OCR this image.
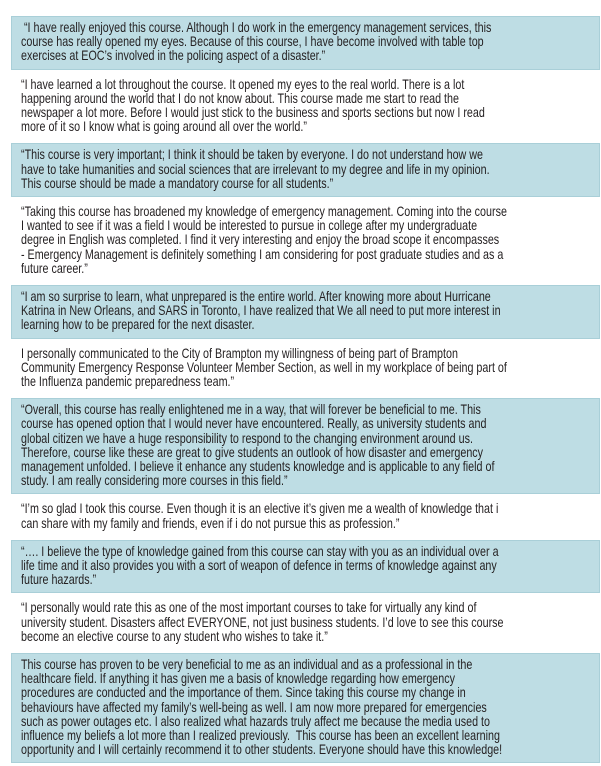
“I have really enjoyed this course. Although I do work in the emergency management services, this
course has really opened my eyes. Because of this course, I have become involved with table top
exercises at EOC’s involved in the policing aspect of a disaster.”
“I have learned a lot throughout the course. It opened my eyes to the real world. There is a lot
happening around the world that I do not know about. This course made me start to read the
newspaper a lot more. Before I would just stick to the business and sports sections but now I read
more of it so I know what is going around all over the world.”
“This course is very important; I think it should be taken by everyone. I do not understand how we
have to take humanities and social sciences that are irrelevant to my degree and life in my opinion.
This course should be made a mandatory course for all students.”
“Taking this course has broadened my knowledge of emergency management. Coming into the course
I wanted to see if it was a field I would be interested to pursue in college after my undergraduate
degree in English was completed. I find it very interesting and enjoy the broad scope it encompasses
- Emergency Management is definitely something I am considering for post graduate studies and as a
future career.”
“I am so surprise to learn, what unprepared is the entire world. After knowing more about Hurricane
Katrina in New Orleans, and SARS in Toronto, I have realized that We all need to put more interest in
learning how to be prepared for the next disaster.
I personally communicated to the City of Brampton my willingness of being part of Brampton
Community Emergency Response Volunteer Member Section, as well in my workplace of being part of
the Influenza pandemic preparedness team.”
“Overall, this course has really enlightened me in a way, that will forever be beneficial to me. This
course has opened option that I would never have encountered. Really, as university students and
global citizen we have a huge responsibility to respond to the changing environment around us.
Therefore, course like these are great to give students an outlook of how disaster and emergency
management unfolded. I believe it enhance any students knowledge and is applicable to any field of
study. I am really considering more courses in this field.”
“I’m so glad I took this course. Even though it is an elective it’s given me a wealth of knowledge that i
can share with my family and friends, even if i do not pursue this as profession.”
“…. I believe the type of knowledge gained from this course can stay with you as an individual over a
life time and it also provides you with a sort of weapon of defence in terms of knowledge against any
future hazards.”
“I personally would rate this as one of the most important courses to take for virtually any kind of
university student. Disasters affect EVERYONE, not just business students. I’d love to see this course
become an elective course to any student who wishes to take it.”
This course has proven to be very beneficial to me as an individual and as a professional in the
healthcare field. If anything it has given me a basis of knowledge regarding how emergency
procedures are conducted and the importance of them. Since taking this course my change in
behaviours have affected my family’s well-being as well. I am now more prepared for emergencies
such as power outages etc. I also realized what hazards truly affect me because the media used to
influence my beliefs a lot more than I realized previously.  This course has been an excellent learning
opportunity and I will certainly recommend it to other students. Everyone should have this knowledge!
